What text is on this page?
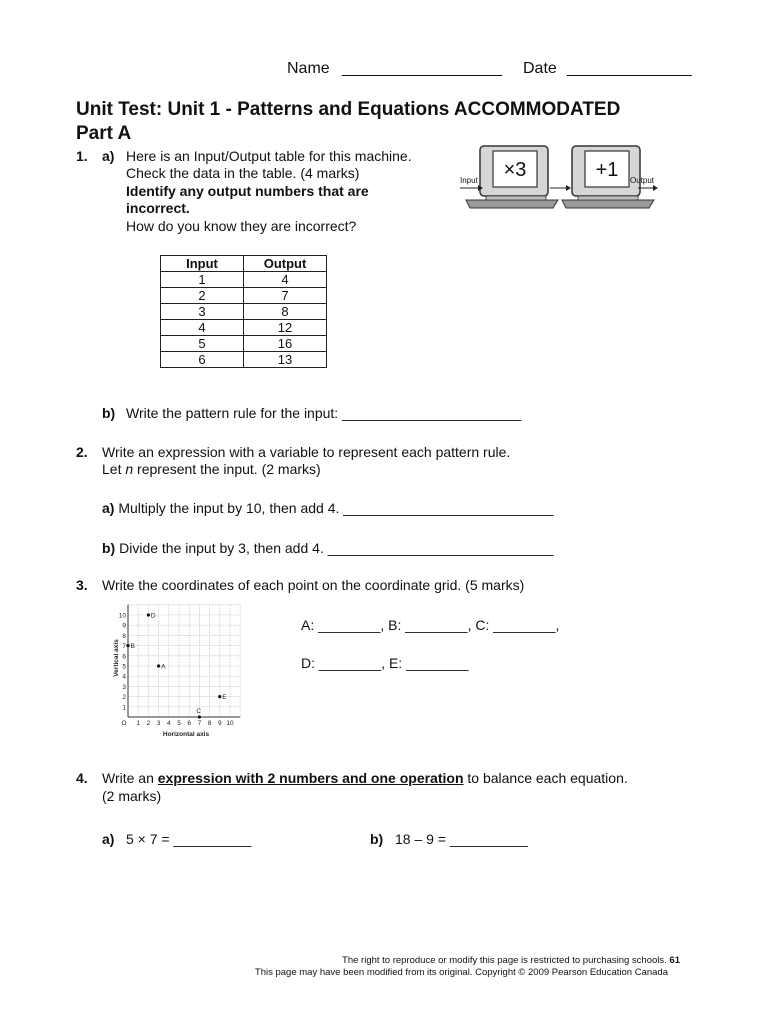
Name __________________ Date ______________
Unit Test: Unit 1 - Patterns and Equations ACCOMMODATED
Part A
1. a) Here is an Input/Output table for this machine.
Check the data in the table. (4 marks)
Identify any output numbers that are
incorrect.
How do you know they are incorrect?
×3	+1
Input	Output
Input	Output
1	4
2	7
3	8
4	12
5	16
6	13
b) Write the pattern rule for the input: _______________________
2. Write an expression with a variable to represent each pattern rule.
Let n represent the input. (2 marks)
a) Multiply the input by 10, then add 4. ___________________________
b) Divide the input by 3, then add 4. _____________________________
3. Write the coordinates of each point on the coordinate grid. (5 marks)
1 2 3 4 5 6 7 8 9 10
1
2
3
4
5
6
7
8
9
10
A
B
C
D
E
Horizontal axis
Vertical axis
O
A: ________, B: ________, C: ________,
D: ________, E: ________
4. Write an expression with 2 numbers and one operation to balance each equation.
(2 marks)
a) 5 × 7 = __________	b) 18 – 9 = __________
The right to reproduce or modify this page is restricted to purchasing schools. 61
This page may have been modified from its original. Copyright © 2009 Pearson Education Canada
